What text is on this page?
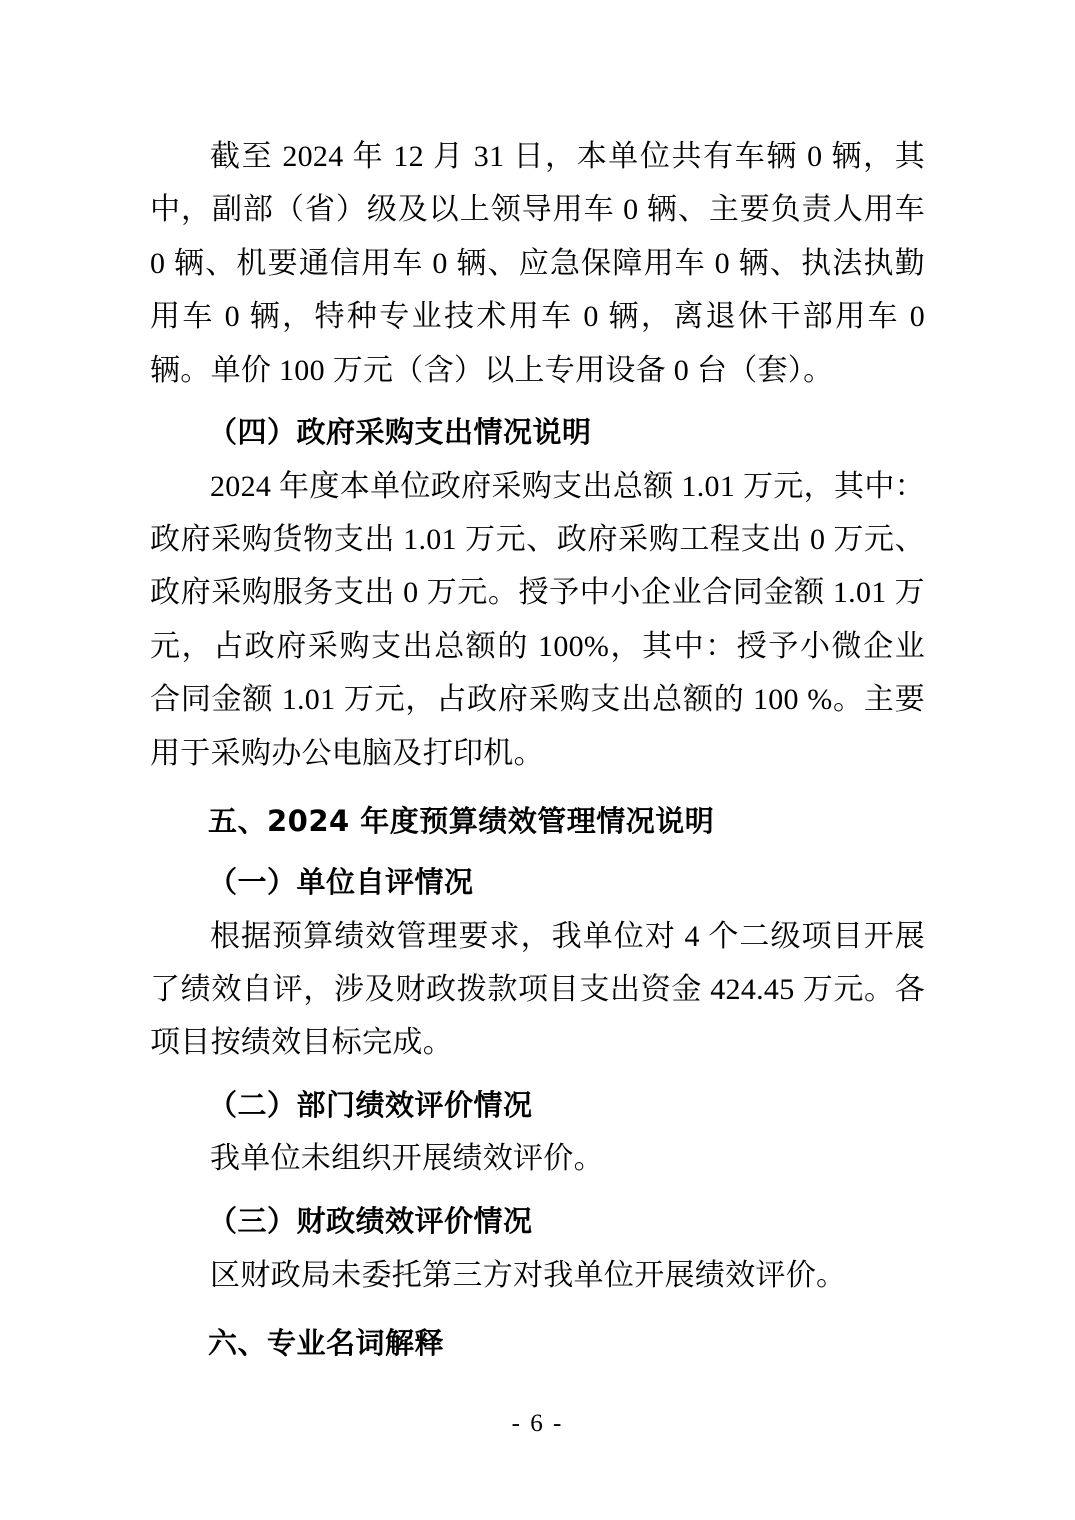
截至 2024 年 12 月 31 日，本单位共有车辆 0 辆，其中，副部（省）级及以上领导用车 0 辆、主要负责人用车 0 辆、机要通信用车 0 辆、应急保障用车 0 辆、执法执勤用车 0 辆，特种专业技术用车 0 辆，离退休干部用车 0 辆。单价 100 万元（含）以上专用设备 0 台（套）。

（四）政府采购支出情况说明

2024 年度本单位政府采购支出总额 1.01 万元，其中：政府采购货物支出 1.01 万元、政府采购工程支出 0 万元、政府采购服务支出 0 万元。授予中小企业合同金额 1.01 万元，占政府采购支出总额的 100%，其中：授予小微企业合同金额 1.01 万元，占政府采购支出总额的 100 %。主要用于采购办公电脑及打印机。

五、2024 年度预算绩效管理情况说明

（一）单位自评情况

根据预算绩效管理要求，我单位对 4 个二级项目开展了绩效自评，涉及财政拨款项目支出资金 424.45 万元。各项目按绩效目标完成。

（二）部门绩效评价情况

我单位未组织开展绩效评价。

（三）财政绩效评价情况

区财政局未委托第三方对我单位开展绩效评价。

六、专业名词解释

- 6 -
